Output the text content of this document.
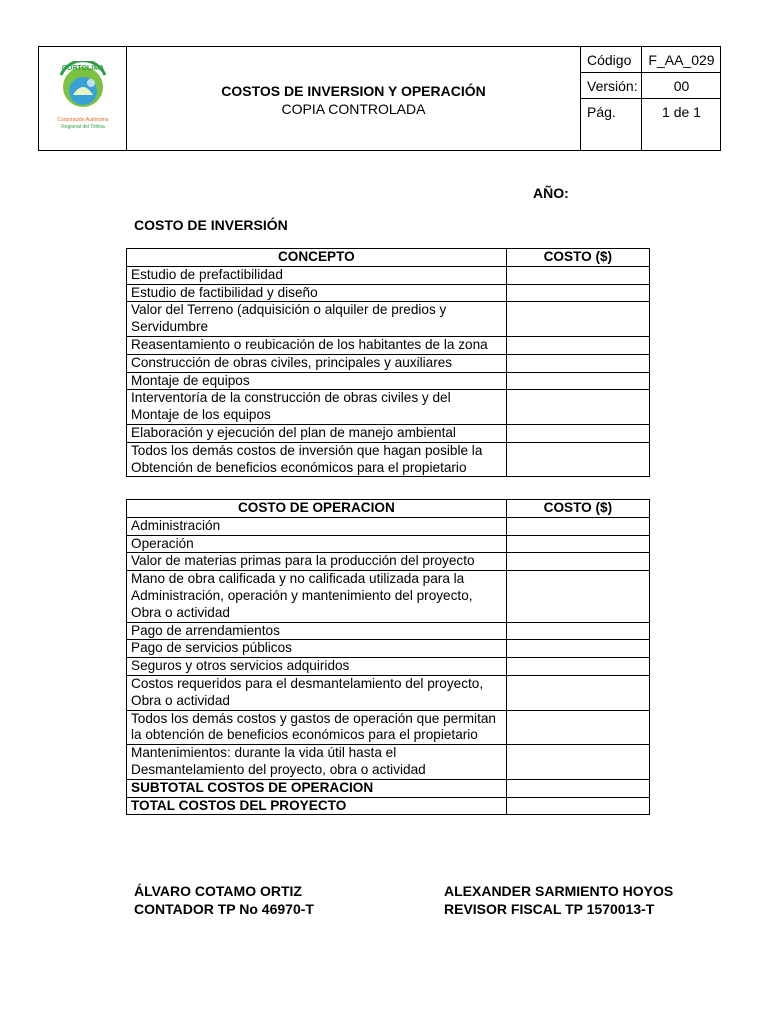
CORTOLIMA
Corporación Autónoma
Regional del Tolima
COSTOS DE INVERSION Y OPERACIÓN
COPIA CONTROLADA
Código	F_AA_029
Versión:	00
Pág.	1 de 1
AÑO:
COSTO DE INVERSIÓN
CONCEPTO	COSTO ($)
Estudio de prefactibilidad	
Estudio de factibilidad y diseño	
Valor del Terreno (adquisición o alquiler de predios y Servidumbre	
Reasentamiento o reubicación de los habitantes de la zona	
Construcción de obras civiles, principales y auxiliares	
Montaje de equipos	
Interventoría de la construcción de obras civiles y del Montaje de los equipos	
Elaboración y ejecución del plan de manejo ambiental	
Todos los demás costos de inversión que hagan posible la Obtención de beneficios económicos para el propietario	
COSTO DE OPERACION	COSTO ($)
Administración	
Operación	
Valor de materias primas para la producción del proyecto	
Mano de obra calificada y no calificada utilizada para la Administración, operación y mantenimiento del proyecto, Obra o actividad	
Pago de arrendamientos	
Pago de servicios públicos	
Seguros y otros servicios adquiridos	
Costos requeridos para el desmantelamiento del proyecto, Obra o actividad	
Todos los demás costos y gastos de operación que permitan la obtención de beneficios económicos para el propietario	
Mantenimientos: durante la vida útil hasta el Desmantelamiento del proyecto, obra o actividad	
SUBTOTAL COSTOS DE OPERACION	
TOTAL COSTOS DEL PROYECTO	
ÁLVARO COTAMO ORTIZ
CONTADOR TP No 46970-T
ALEXANDER SARMIENTO HOYOS
REVISOR FISCAL TP 1570013-T
